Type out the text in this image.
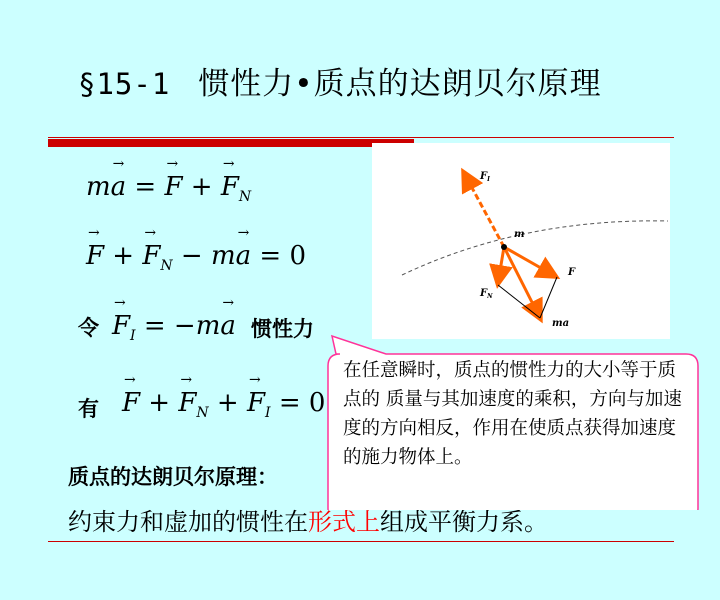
§15-1 惯性力•质点的达朗贝尔原理
m→ a = → F + → $F_N$
→ F + → $F_N - m\to a = 0$
令 → $F_I = -m\to a$ 惯性力
有 → F + → $F_N$ + → $F_I = 0$
$F_I$
m
F
$F_N$
ma
质点的达朗贝尔原理：
约束力和虚加的惯性在形式上组成平衡力系。
在任意瞬时，质点的惯性力的大小等于质点的 质量与其加速度的乘积，方向与加速度的方向相反，作用在使质点获得加速度的施力物体上。
